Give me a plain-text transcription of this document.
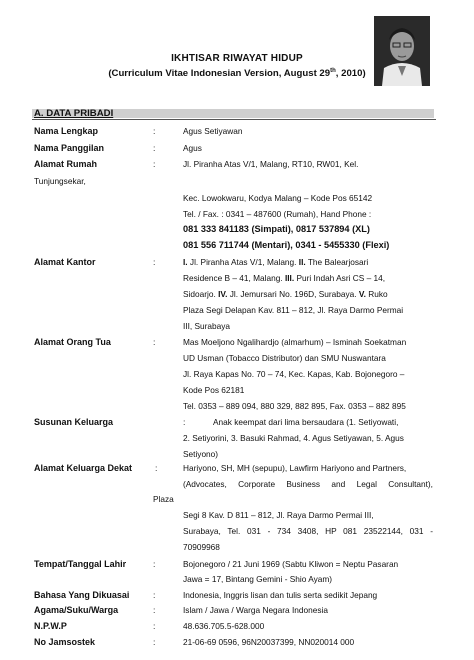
IKHTISAR RIWAYAT HIDUP
(Curriculum Vitae Indonesian Version, August 29th, 2010)
A. DATA PRIBADI
Nama Lengkap	:	Agus Setiyawan
Nama Panggilan	:	Agus
Alamat Rumah	:	Jl. Piranha Atas V/1, Malang, RT10, RW01, Kel.
Tunjungsekar,
Kec. Lowokwaru, Kodya Malang – Kode Pos 65142
Tel. / Fax. : 0341 – 487600 (Rumah), Hand Phone :
081 333 841183 (Simpati), 0817 537894 (XL)
081 556 711744 (Mentari), 0341 - 5455330 (Flexi)
Alamat Kantor	:	I. Jl. Piranha Atas V/1, Malang. II. The Balearjosari
Residence B – 41, Malang. III. Puri Indah Asri CS – 14,
Sidoarjo. IV. Jl. Jemursari No. 196D, Surabaya. V. Ruko
Plaza Segi Delapan Kav. 811 – 812, Jl. Raya Darmo Permai
III, Surabaya
Alamat Orang Tua	:	Mas Moeljono Ngalihardjo (almarhum) – Isminah Soekatman
UD Usman (Tobacco Distributor) dan SMU Nuswantara
Jl. Raya Kapas No. 70 – 74, Kec. Kapas, Kab. Bojonegoro –
Kode Pos 62181
Tel. 0353 – 889 094, 880 329, 882 895, Fax. 0353 – 882 895
Susunan Keluarga	:	Anak keempat dari lima bersaudara (1. Setiyowati,
2. Setiyorini, 3. Basuki Rahmad, 4. Agus Setiyawan, 5. Agus
Setiyono)
Alamat Keluarga Dekat	:	Hariyono, SH, MH (sepupu), Lawfirm Hariyono and Partners,
(Advocates, Corporate Business and Legal Consultant),
Plaza
Segi 8 Kav. D 811 – 812, Jl. Raya Darmo Permai III,
Surabaya, Tel. 031 - 734 3408, HP 081 23522144, 031 -
70909968
Tempat/Tanggal Lahir	:	Bojonegoro / 21 Juni 1969 (Sabtu Kliwon = Neptu Pasaran
Jawa = 17, Bintang Gemini - Shio Ayam)
Bahasa Yang Dikuasai	:	Indonesia, Inggris lisan dan tulis serta sedikit Jepang
Agama/Suku/Warga	:	Islam / Jawa / Warga Negara Indonesia
N.P.W.P	:	48.636.705.5-628.000
No Jamsostek	:	21-06-69 0596, 96N20037399, NN020014 000
